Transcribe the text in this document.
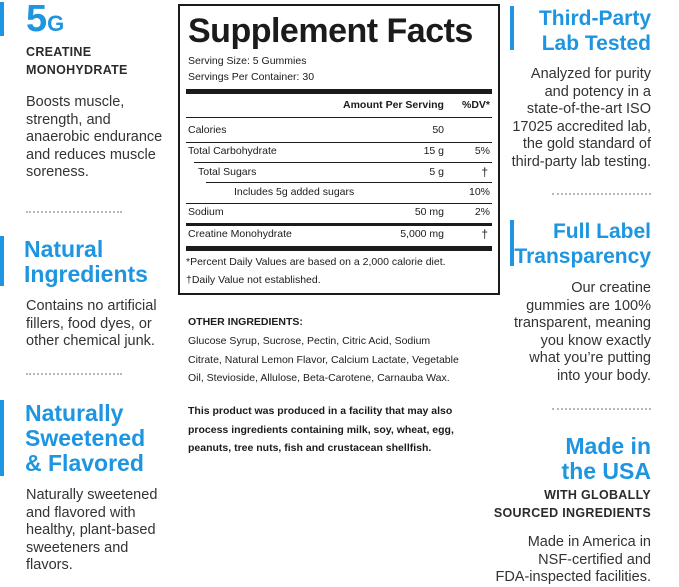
5G
CREATINE
MONOHYDRATE
Boosts muscle,
strength, and
anaerobic endurance
and reduces muscle
soreness.
Natural
Ingredients
Contains no artificial
fillers, food dyes, or
other chemical junk.
Naturally
Sweetened
& Flavored
Naturally sweetened
and flavored with
healthy, plant-based
sweeteners and
flavors.
Supplement Facts
Serving Size: 5 Gummies
Servings Per Container: 30
Amount Per Serving %DV*
Calories	50
Total Carbohydrate	15 g	5%
Total Sugars	5 g	†
Includes 5g added sugars	10%
Sodium	50 mg	2%
Creatine Monohydrate	5,000 mg	†
*Percent Daily Values are based on a 2,000 calorie diet.
†Daily Value not established.
OTHER INGREDIENTS:
Glucose Syrup, Sucrose, Pectin, Citric Acid, Sodium
Citrate, Natural Lemon Flavor, Calcium Lactate, Vegetable
Oil, Stevioside, Allulose, Beta-Carotene, Carnauba Wax.
This product was produced in a facility that may also
process ingredients containing milk, soy, wheat, egg,
peanuts, tree nuts, fish and crustacean shellfish.
Third-Party
Lab Tested
Analyzed for purity
and potency in a
state-of-the-art ISO
17025 accredited lab,
the gold standard of
third-party lab testing.
Full Label
Transparency
Our creatine
gummies are 100%
transparent, meaning
you know exactly
what you’re putting
into your body.
Made in
the USA
WITH GLOBALLY
SOURCED INGREDIENTS
Made in America in
NSF-certified and
FDA-inspected facilities.
